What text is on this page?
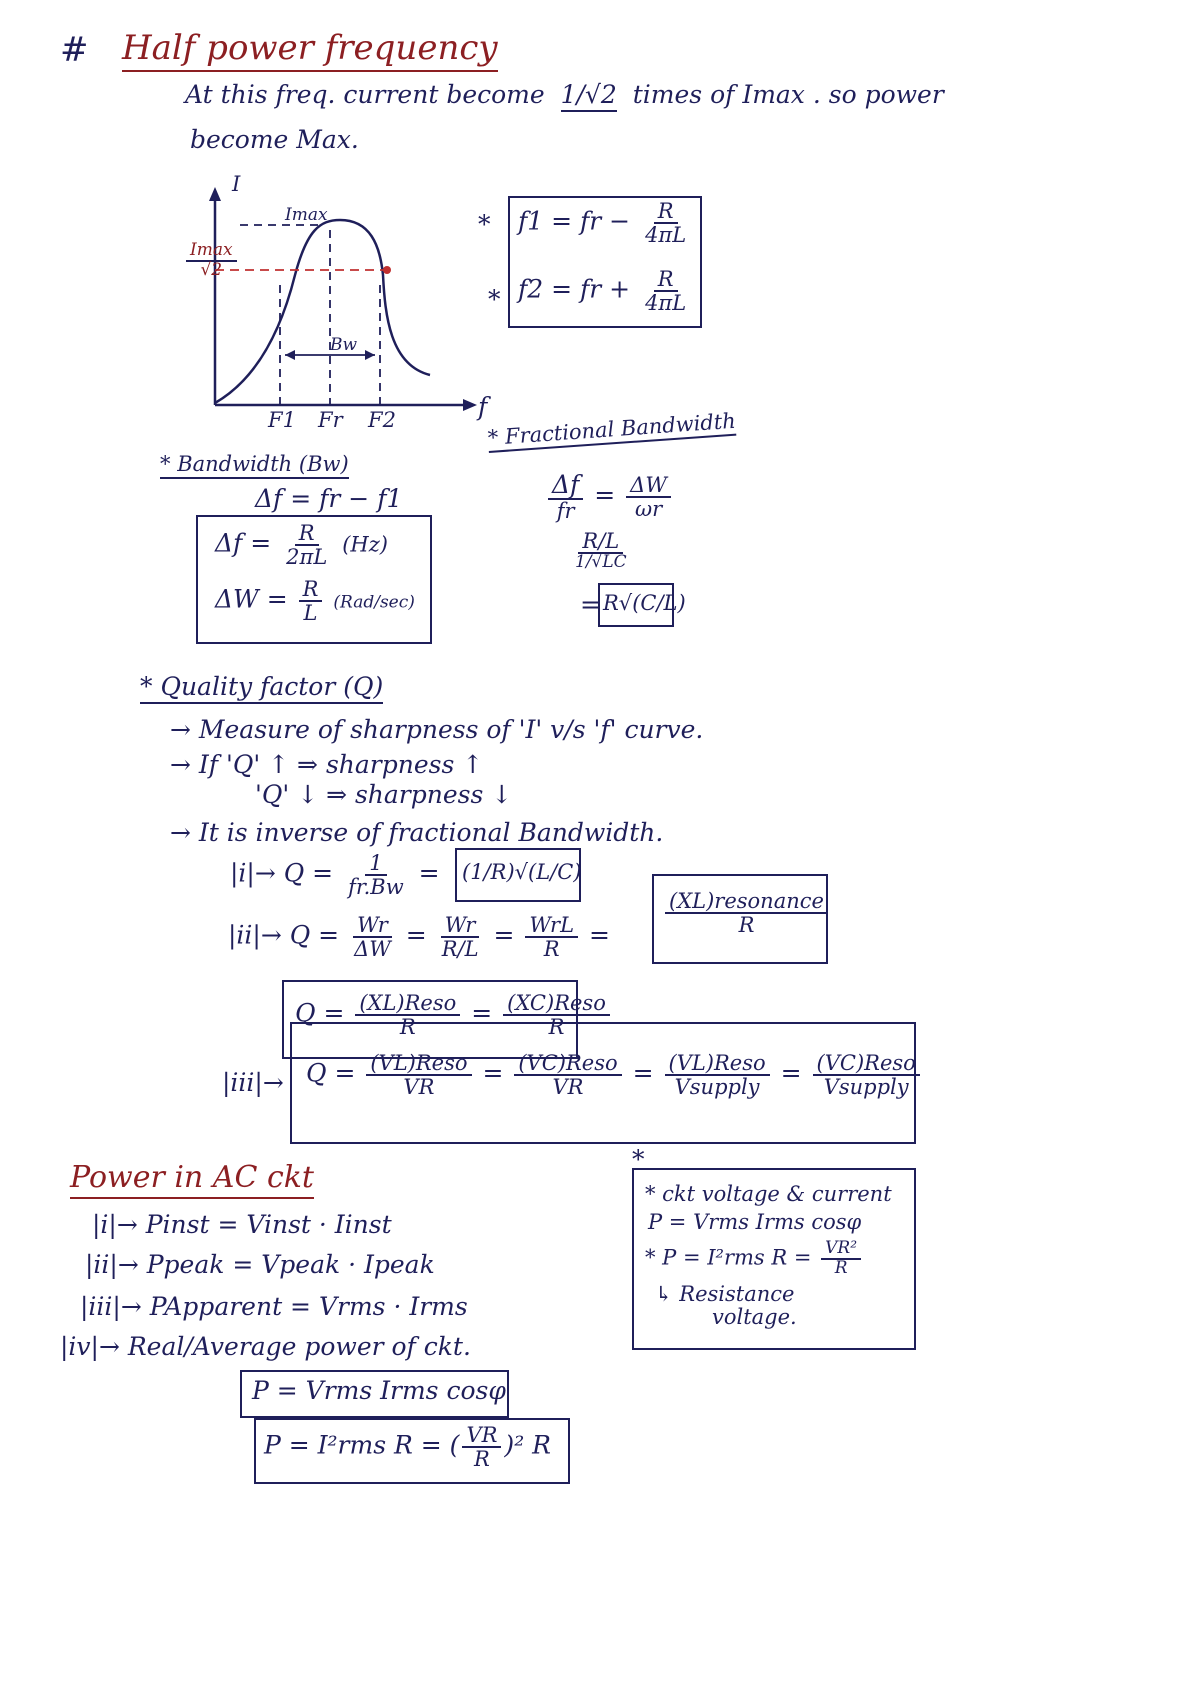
# Half power frequency
At this freq. current become 1/√2 times of Imax . so power
become Max.
I
Imax
$\frac{Imax}{√2}$
Bw
F1 Fr F2	f
*
*
f1 = fr − $\frac{R}{4\pi L}$
f2 = fr + $\frac{R}{4\pi L}$
* Bandwidth (Bw)
Δf = fr − f1
$\Delta f = \frac{R}{2\pi L} (Hz)$
$\Delta W = \frac{R}{L} (Rad/\sec)$
* Fractional Bandwidth
$\frac{\Delta f}{fr} = \frac{\Delta W}{\omega r}$
$\frac{R/L}{1/√LC}$
= R√(C/L)
* Quality factor (Q)
→ Measure of sharpness of 'I' v/s 'f' curve.
→ If 'Q' ↑ ⇒ sharpness ↑
'Q' ↓ ⇒ sharpness ↓
→ It is inverse of fractional Bandwidth.
$|i|\to Q = \frac{1}{fr.Bw} = (1/R)√(L/C)$
$|ii|\to Q = \frac{Wr}{\Delta W} = \frac{Wr}{R/L} = \frac{\text{WrL}}{R}$ =	$\frac{\text{(XL)resonance}}{R}$
$Q = \frac{\text{(XL)Reso}}{R} = \frac{\text{(XC)Reso}}{R}$
$|iii|\to Q = \frac{\text{(VL)Reso}}{VR} = \frac{\text{(VC)Reso}}{VR} = \frac{\text{(VL)Reso}}{\text{Vsupply}} = \frac{\text{(VC)Reso}}{\text{Vsupply}}$
Power in AC ckt
|i|→ Pinst = Vinst · Iinst
|ii|→ Ppeak = Vpeak · Ipeak
|iii|→ PApparent = Vrms · Irms
|iv|→ Real/Average power of ckt.
P = Vrms Irms cosφ
P = I²rms R = ( $\frac{VR}{R} )^2$ R
*
* ckt voltage & current
P = Vrms Irms cosφ
* P = I²rms $R = \frac{\text{VR²}}{R}$
↳ Resistance
voltage.
